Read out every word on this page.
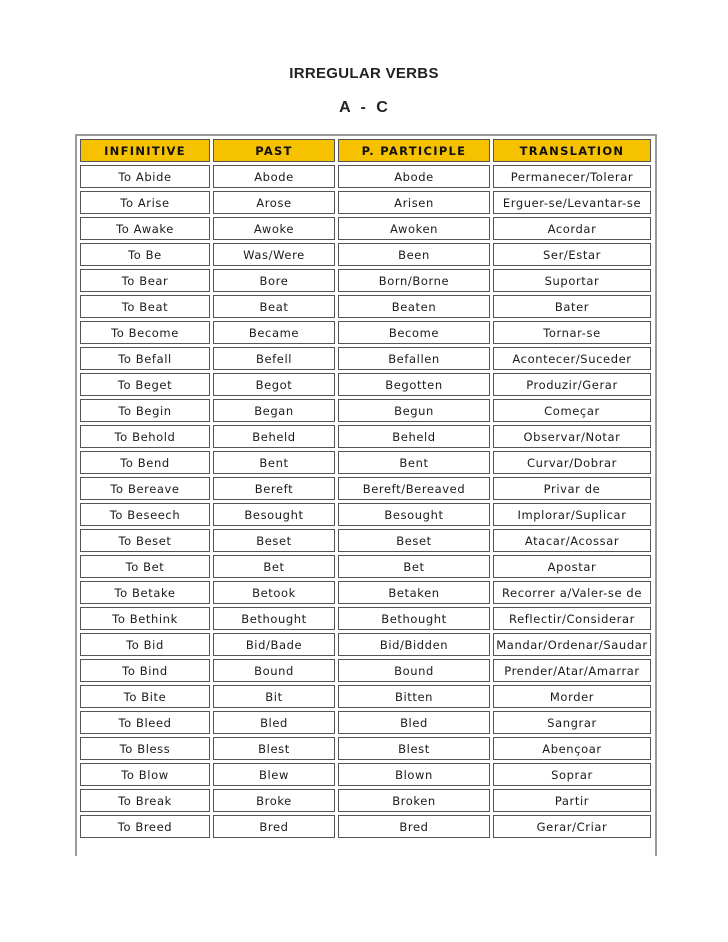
IRREGULAR VERBS
A - C
INFINITIVE	PAST	P. PARTICIPLE	TRANSLATION
To Abide	Abode	Abode	Permanecer/Tolerar
To Arise	Arose	Arisen	Erguer-se/Levantar-se
To Awake	Awoke	Awoken	Acordar
To Be	Was/Were	Been	Ser/Estar
To Bear	Bore	Born/Borne	Suportar
To Beat	Beat	Beaten	Bater
To Become	Became	Become	Tornar-se
To Befall	Befell	Befallen	Acontecer/Suceder
To Beget	Begot	Begotten	Produzir/Gerar
To Begin	Began	Begun	Começar
To Behold	Beheld	Beheld	Observar/Notar
To Bend	Bent	Bent	Curvar/Dobrar
To Bereave	Bereft	Bereft/Bereaved	Privar de
To Beseech	Besought	Besought	Implorar/Suplicar
To Beset	Beset	Beset	Atacar/Acossar
To Bet	Bet	Bet	Apostar
To Betake	Betook	Betaken	Recorrer a/Valer-se de
To Bethink	Bethought	Bethought	Reflectir/Considerar
To Bid	Bid/Bade	Bid/Bidden	Mandar/Ordenar/Saudar
To Bind	Bound	Bound	Prender/Atar/Amarrar
To Bite	Bit	Bitten	Morder
To Bleed	Bled	Bled	Sangrar
To Bless	Blest	Blest	Abençoar
To Blow	Blew	Blown	Soprar
To Break	Broke	Broken	Partir
To Breed	Bred	Bred	Gerar/Criar
